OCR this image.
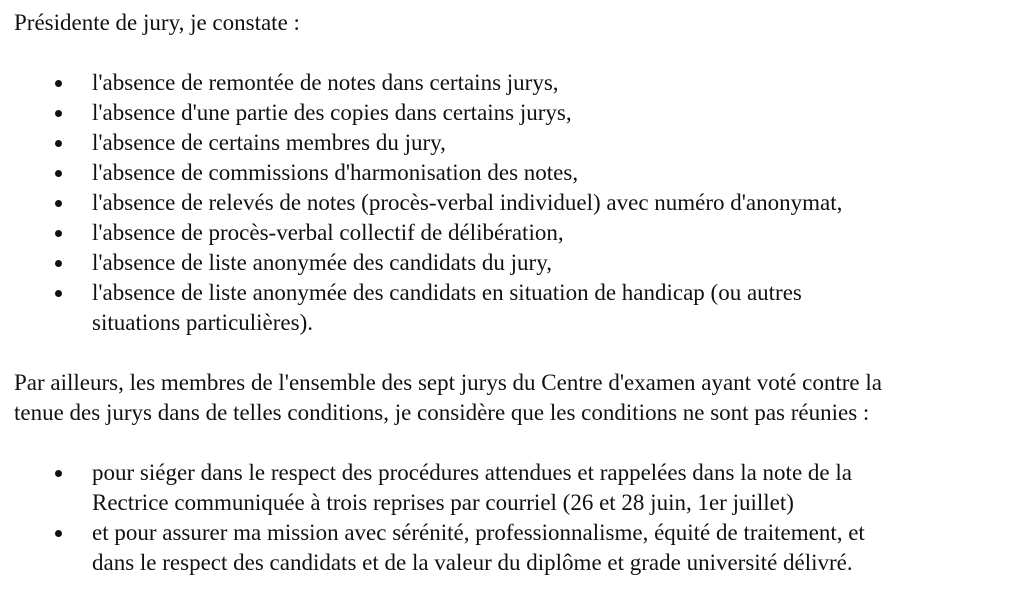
Présidente de jury, je constate :

l'absence de remontée de notes dans certains jurys,
l'absence d'une partie des copies dans certains jurys,
l'absence de certains membres du jury,
l'absence de commissions d'harmonisation des notes,
l'absence de relevés de notes (procès-verbal individuel) avec numéro d'anonymat,
l'absence de procès-verbal collectif de délibération,
l'absence de liste anonymée des candidats du jury,
l'absence de liste anonymée des candidats en situation de handicap (ou autres
situations particulières).

Par ailleurs, les membres de l'ensemble des sept jurys du Centre d'examen ayant voté contre la
tenue des jurys dans de telles conditions, je considère que les conditions ne sont pas réunies :

pour siéger dans le respect des procédures attendues et rappelées dans la note de la
Rectrice communiquée à trois reprises par courriel (26 et 28 juin, 1er juillet)
et pour assurer ma mission avec sérénité, professionnalisme, équité de traitement, et
dans le respect des candidats et de la valeur du diplôme et grade université délivré.
